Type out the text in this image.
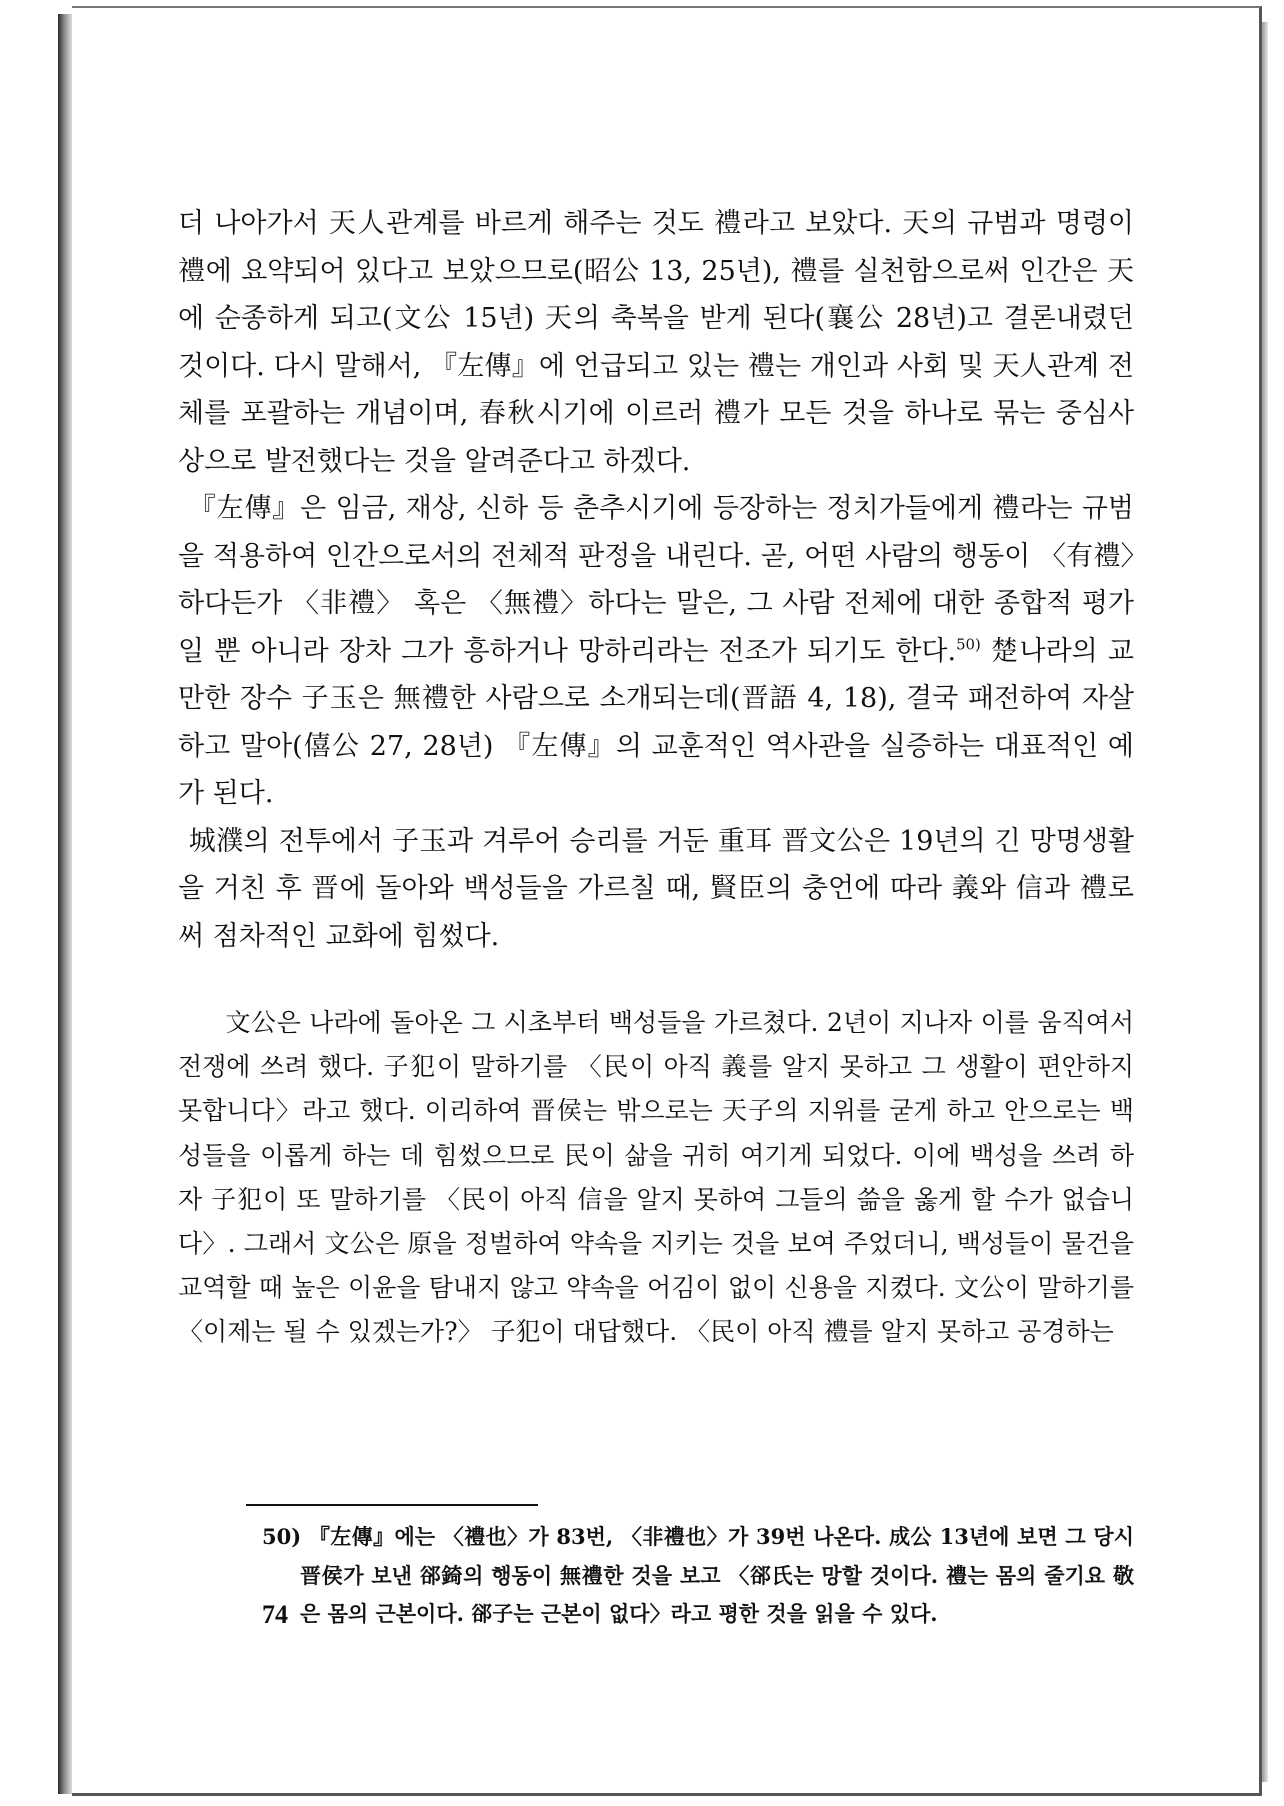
더 나아가서 天人관계를 바르게 해주는 것도 禮라고 보았다. 天의 규범과 명령이 禮에 요약되어 있다고 보았으므로(昭公 13, 25년), 禮를 실천함으로써 인간은 天에 순종하게 되고(文公 15년) 天의 축복을 받게 된다(襄公 28년)고 결론내렸던 것이다. 다시 말해서, 『左傳』에 언급되고 있는 禮는 개인과 사회 및 天人관계 전체를 포괄하는 개념이며, 春秋시기에 이르러 禮가 모든 것을 하나로 묶는 중심사상으로 발전했다는 것을 알려준다고 하겠다.

『左傳』은 임금, 재상, 신하 등 춘추시기에 등장하는 정치가들에게 禮라는 규범을 적용하여 인간으로서의 전체적 판정을 내린다. 곧, 어떤 사람의 행동이 〈有禮〉하다든가 〈非禮〉 혹은 〈無禮〉하다는 말은, 그 사람 전체에 대한 종합적 평가일 뿐 아니라 장차 그가 흥하거나 망하리라는 전조가 되기도 한다.$^{50)}$ 楚나라의 교만한 장수 子玉은 無禮한 사람으로 소개되는데(晋語 4, 18), 결국 패전하여 자살하고 말아(僖公 27, 28년) 『左傳』의 교훈적인 역사관을 실증하는 대표적인 예가 된다.

城濮의 전투에서 子玉과 겨루어 승리를 거둔 重耳 晋文公은 19년의 긴 망명생활을 거친 후 晋에 돌아와 백성들을 가르칠 때, 賢臣의 충언에 따라 義와 信과 禮로써 점차적인 교화에 힘썼다.

文公은 나라에 돌아온 그 시초부터 백성들을 가르쳤다. 2년이 지나자 이를 움직여서 전쟁에 쓰려 했다. 子犯이 말하기를 〈民이 아직 義를 알지 못하고 그 생활이 편안하지 못합니다〉라고 했다. 이리하여 晋侯는 밖으로는 天子의 지위를 굳게 하고 안으로는 백성들을 이롭게 하는 데 힘썼으므로 民이 삶을 귀히 여기게 되었다. 이에 백성을 쓰려 하자 子犯이 또 말하기를 〈民이 아직 信을 알지 못하여 그들의 쓺을 옳게 할 수가 없습니다〉. 그래서 文公은 原을 정벌하여 약속을 지키는 것을 보여 주었더니, 백성들이 물건을 교역할 때 높은 이윤을 탐내지 않고 약속을 어김이 없이 신용을 지켰다. 文公이 말하기를 〈이제는 될 수 있겠는가?〉 子犯이 대답했다. 〈民이 아직 禮를 알지 못하고 공경하는

50) 『左傳』에는 〈禮也〉가 83번, 〈非禮也〉가 39번 나온다. 成公 13년에 보면 그 당시 晋侯가 보낸 郤錡의 행동이 無禮한 것을 보고 〈郤氏는 망할 것이다. 禮는 몸의 줄기요 敬은 몸의 근본이다. 郤子는 근본이 없다〉라고 평한 것을 읽을 수 있다.

74
